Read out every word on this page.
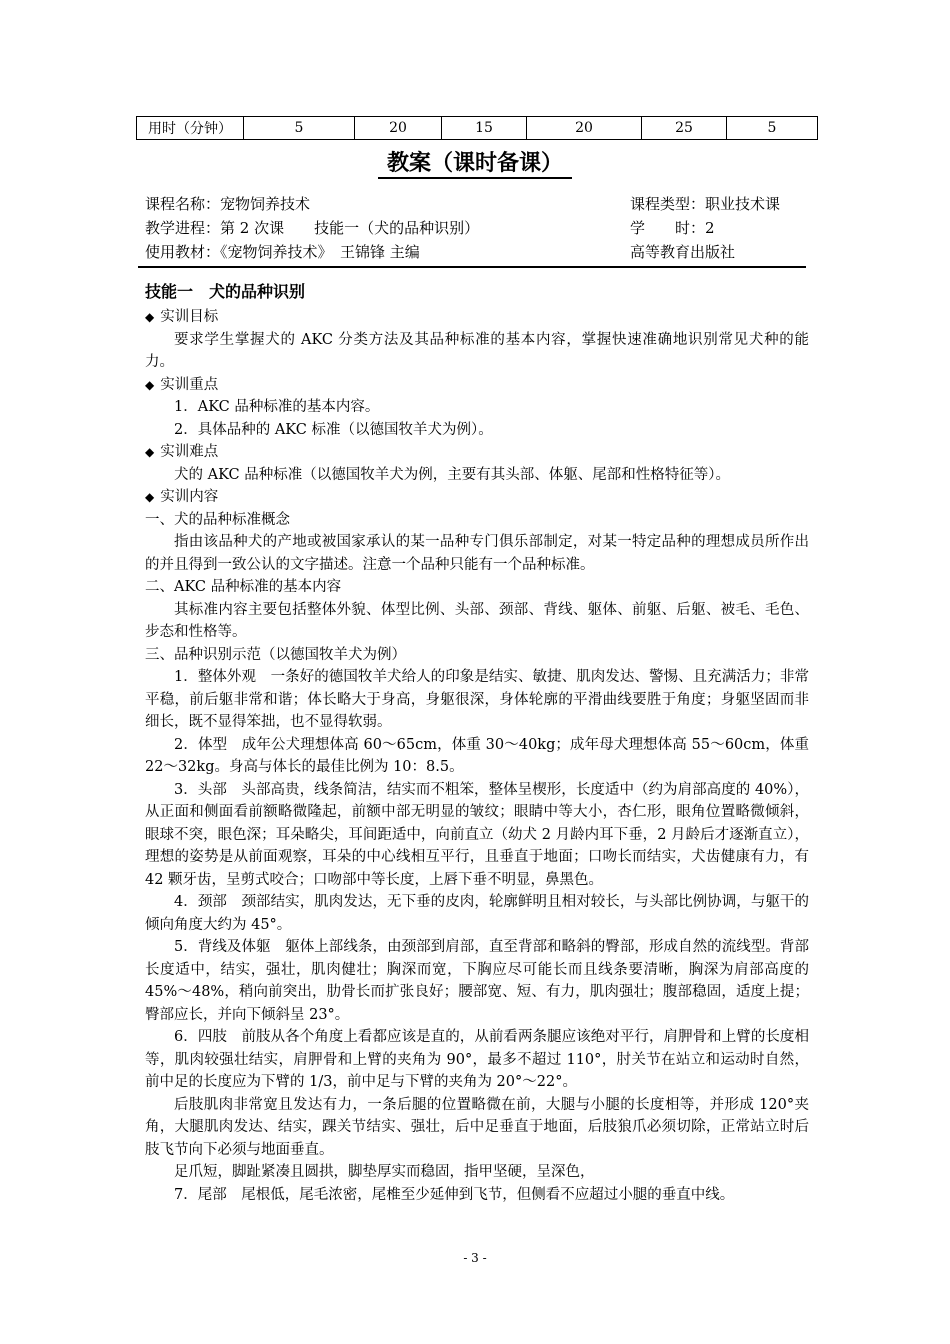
用时（分钟）	5	20	15	20	25	5
教案（课时备课）
课程名称：宠物饲养技术	课程类型：职业技术课
教学进程：第 2 次课　　技能一（犬的品种识别）	学　　时：2
使用教材：《宠物饲养技术》　王锦锋 主编	高等教育出版社

技能一　犬的品种识别

◆ 实训目标

要求学生掌握犬的 AKC 分类方法及其品种标准的基本内容，掌握快速准确地识别常见犬种的能力。

◆ 实训重点

1．AKC 品种标准的基本内容。

2．具体品种的 AKC 标准（以德国牧羊犬为例）。

◆ 实训难点

犬的 AKC 品种标准（以德国牧羊犬为例，主要有其头部、体躯、尾部和性格特征等）。

◆ 实训内容

一、犬的品种标准概念

指由该品种犬的产地或被国家承认的某一品种专门俱乐部制定，对某一特定品种的理想成员所作出的并且得到一致公认的文字描述。注意一个品种只能有一个品种标准。

二、AKC 品种标准的基本内容

其标准内容主要包括整体外貌、体型比例、头部、颈部、背线、躯体、前躯、后躯、被毛、毛色、步态和性格等。

三、品种识别示范（以德国牧羊犬为例）

1．整体外观　一条好的德国牧羊犬给人的印象是结实、敏捷、肌肉发达、警惕、且充满活力；非常平稳，前后躯非常和谐；体长略大于身高，身躯很深，身体轮廓的平滑曲线要胜于角度；身躯坚固而非细长，既不显得笨拙，也不显得软弱。

2．体型　成年公犬理想体高 60～65cm，体重 30～40kg；成年母犬理想体高 55～60cm，体重 22～32kg。身高与体长的最佳比例为 10：8.5。

3．头部　头部高贵，线条简洁，结实而不粗笨，整体呈楔形，长度适中（约为肩部高度的 40%），从正面和侧面看前额略微隆起，前额中部无明显的皱纹；眼睛中等大小，杏仁形，眼角位置略微倾斜，眼球不突，眼色深；耳朵略尖，耳间距适中，向前直立（幼犬 2 月龄内耳下垂，2 月龄后才逐渐直立），理想的姿势是从前面观察，耳朵的中心线相互平行，且垂直于地面；口吻长而结实，犬齿健康有力，有 42 颗牙齿，呈剪式咬合；口吻部中等长度，上唇下垂不明显，鼻黑色。

4．颈部　颈部结实，肌肉发达，无下垂的皮肉，轮廓鲜明且相对较长，与头部比例协调，与躯干的倾向角度大约为 45°。

5．背线及体躯　躯体上部线条，由颈部到肩部，直至背部和略斜的臀部，形成自然的流线型。背部长度适中，结实，强壮，肌肉健壮；胸深而宽，下胸应尽可能长而且线条要清晰，胸深为肩部高度的 45%～48%，稍向前突出，肋骨长而扩张良好；腰部宽、短、有力，肌肉强壮；腹部稳固，适度上提；臀部应长，并向下倾斜呈 23°。

6．四肢　前肢从各个角度上看都应该是直的，从前看两条腿应该绝对平行，肩胛骨和上臂的长度相等，肌肉较强壮结实，肩胛骨和上臂的夹角为 90°，最多不超过 110°，肘关节在站立和运动时自然，前中足的长度应为下臂的 1/3，前中足与下臂的夹角为 20°～22°。

后肢肌肉非常宽且发达有力，一条后腿的位置略微在前，大腿与小腿的长度相等，并形成 120°夹角，大腿肌肉发达、结实，踝关节结实、强壮，后中足垂直于地面，后肢狼爪必须切除，正常站立时后肢飞节向下必须与地面垂直。

足爪短，脚趾紧凑且圆拱，脚垫厚实而稳固，指甲坚硬，呈深色，

7．尾部　尾根低，尾毛浓密，尾椎至少延伸到飞节，但侧看不应超过小腿的垂直中线。

- 3 -
